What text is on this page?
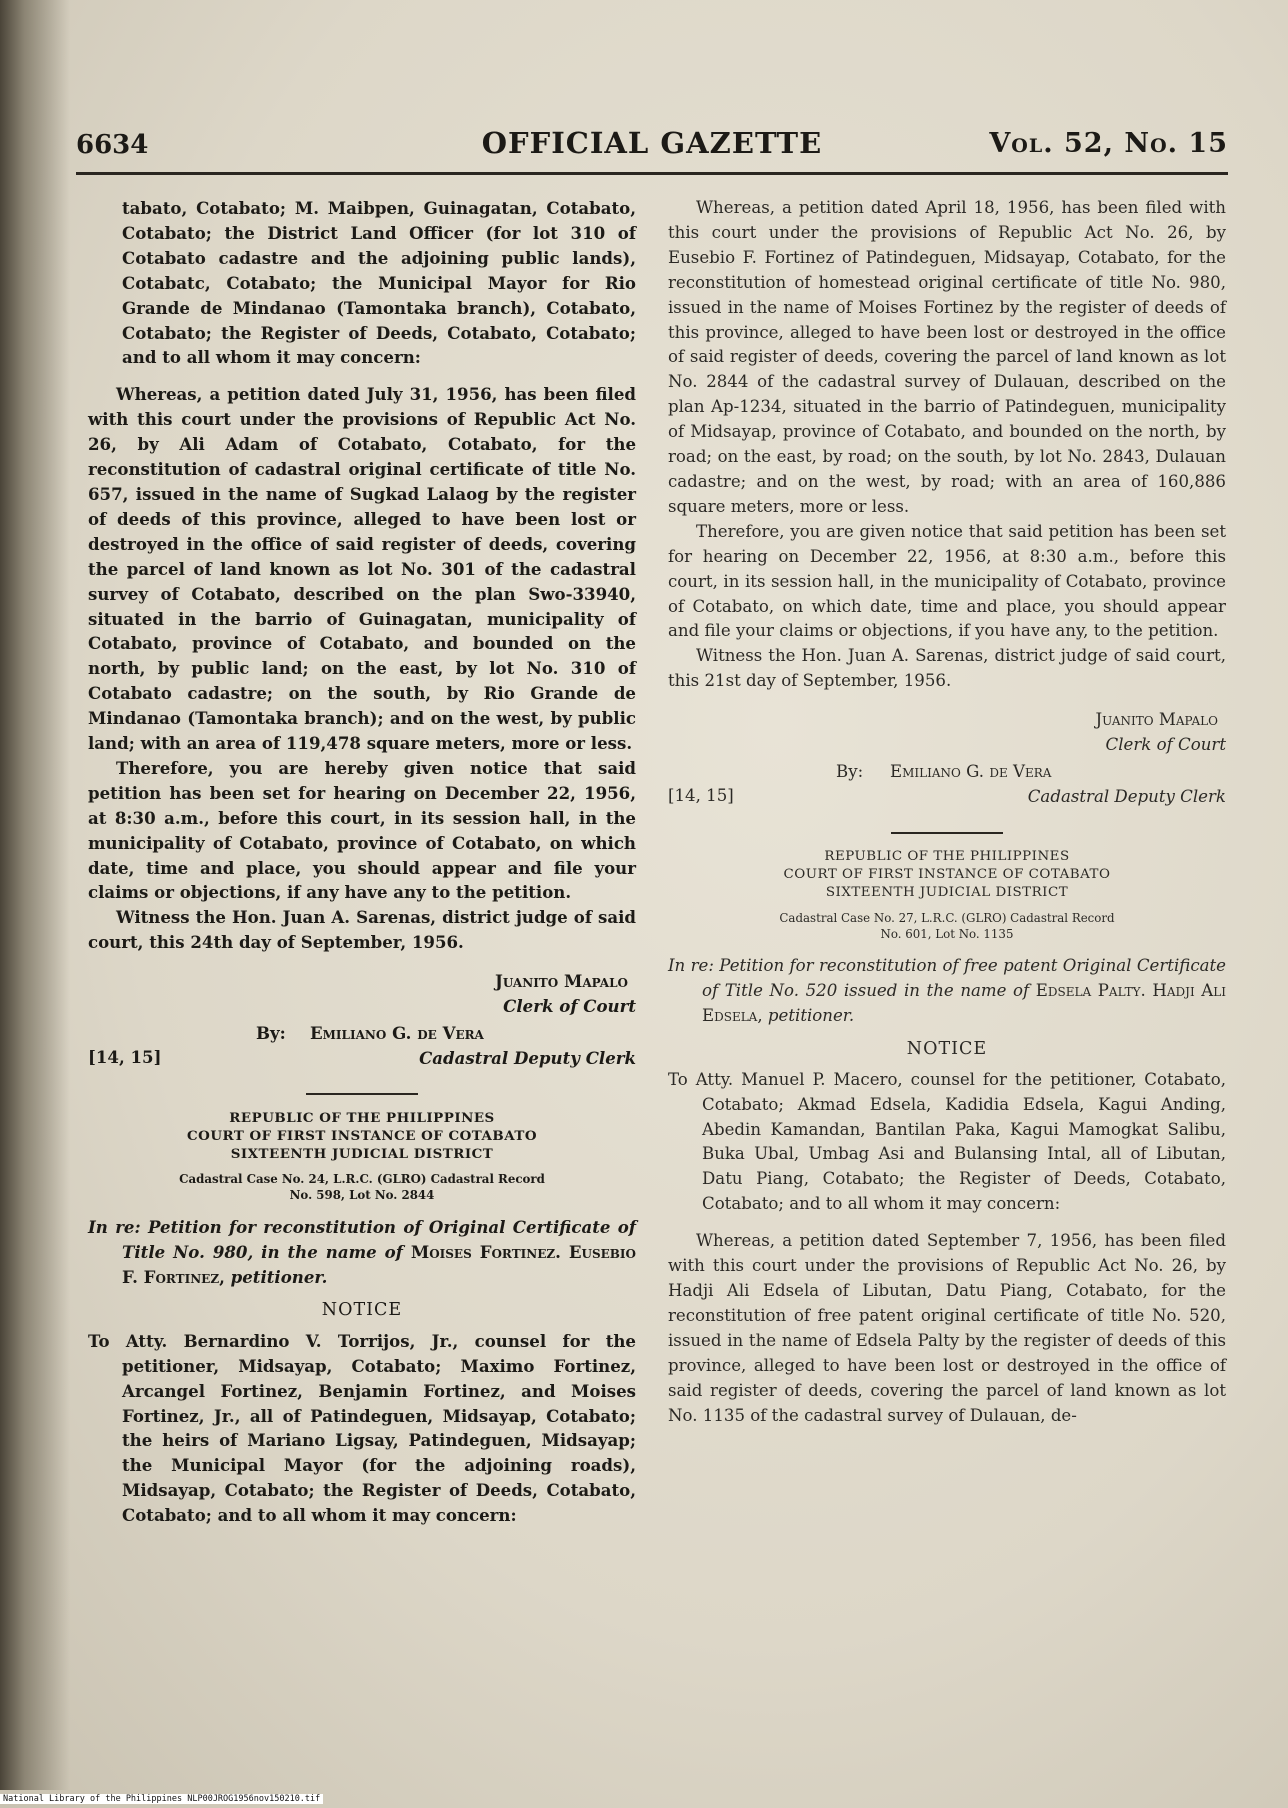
6634	OFFICIAL GAZETTE	Vol. 52, No. 15

tabato, Cotabato; M. Maibpen, Guinagatan, Cotabato, Cotabato; the District Land Officer (for lot 310 of Cotabato cadastre and the adjoining public lands), Cotabatc, Cotabato; the Municipal Mayor for Rio Grande de Mindanao (Tamontaka branch), Cotabato, Cotabato; the Register of Deeds, Cotabato, Cotabato; and to all whom it may concern:

Whereas, a petition dated July 31, 1956, has been filed with this court under the provisions of Republic Act No. 26, by Ali Adam of Cotabato, Cotabato, for the reconstitution of cadastral original certificate of title No. 657, issued in the name of Sugkad Lalaog by the register of deeds of this province, alleged to have been lost or destroyed in the office of said register of deeds, covering the parcel of land known as lot No. 301 of the cadastral survey of Cotabato, described on the plan Swo-33940, situated in the barrio of Guinagatan, municipality of Cotabato, province of Cotabato, and bounded on the north, by public land; on the east, by lot No. 310 of Cotabato cadastre; on the south, by Rio Grande de Mindanao (Tamontaka branch); and on the west, by public land; with an area of 119,478 square meters, more or less.

Therefore, you are hereby given notice that said petition has been set for hearing on December 22, 1956, at 8:30 a.m., before this court, in its session hall, in the municipality of Cotabato, province of Cotabato, on which date, time and place, you should appear and file your claims or objections, if any have any to the petition.

Witness the Hon. Juan A. Sarenas, district judge of said court, this 24th day of September, 1956.

Juanito Mapalo
Clerk of Court
[14, 15]
By: Emiliano G. de Vera
Cadastral Deputy Clerk
REPUBLIC OF THE PHILIPPINES
COURT OF FIRST INSTANCE OF COTABATO
SIXTEENTH JUDICIAL DISTRICT
Cadastral Case No. 24, L.R.C. (GLRO) Cadastral Record
No. 598, Lot No. 2844

In re: Petition for reconstitution of Original Certificate of Title No. 980, in the name of Moises Fortinez. Eusebio F. Fortinez, petitioner.

NOTICE

To Atty. Bernardino V. Torrijos, Jr., counsel for the petitioner, Midsayap, Cotabato; Maximo Fortinez, Arcangel Fortinez, Benjamin Fortinez, and Moises Fortinez, Jr., all of Patindeguen, Midsayap, Cotabato; the heirs of Mariano Ligsay, Patindeguen, Midsayap; the Municipal Mayor (for the adjoining roads), Midsayap, Cotabato; the Register of Deeds, Cotabato, Cotabato; and to all whom it may concern:

Whereas, a petition dated April 18, 1956, has been filed with this court under the provisions of Republic Act No. 26, by Eusebio F. Fortinez of Patindeguen, Midsayap, Cotabato, for the reconstitution of homestead original certificate of title No. 980, issued in the name of Moises Fortinez by the register of deeds of this province, alleged to have been lost or destroyed in the office of said register of deeds, covering the parcel of land known as lot No. 2844 of the cadastral survey of Dulauan, described on the plan Ap-1234, situated in the barrio of Patindeguen, municipality of Midsayap, province of Cotabato, and bounded on the north, by road; on the east, by road; on the south, by lot No. 2843, Dulauan cadastre; and on the west, by road; with an area of 160,886 square meters, more or less.

Therefore, you are given notice that said petition has been set for hearing on December 22, 1956, at 8:30 a.m., before this court, in its session hall, in the municipality of Cotabato, province of Cotabato, on which date, time and place, you should appear and file your claims or objections, if you have any, to the petition.

Witness the Hon. Juan A. Sarenas, district judge of said court, this 21st day of September, 1956.

Juanito Mapalo
Clerk of Court
[14, 15]
By: Emiliano G. de Vera
Cadastral Deputy Clerk
REPUBLIC OF THE PHILIPPINES
COURT OF FIRST INSTANCE OF COTABATO
SIXTEENTH JUDICIAL DISTRICT
Cadastral Case No. 27, L.R.C. (GLRO) Cadastral Record
No. 601, Lot No. 1135

In re: Petition for reconstitution of free patent Original Certificate of Title No. 520 issued in the name of Edsela Palty. Hadji Ali Edsela, petitioner.

NOTICE

To Atty. Manuel P. Macero, counsel for the petitioner, Cotabato, Cotabato; Akmad Edsela, Kadidia Edsela, Kagui Anding, Abedin Kamandan, Bantilan Paka, Kagui Mamogkat Salibu, Buka Ubal, Umbag Asi and Bulansing Intal, all of Libutan, Datu Piang, Cotabato; the Register of Deeds, Cotabato, Cotabato; and to all whom it may concern:

Whereas, a petition dated September 7, 1956, has been filed with this court under the provisions of Republic Act No. 26, by Hadji Ali Edsela of Libutan, Datu Piang, Cotabato, for the reconstitution of free patent original certificate of title No. 520, issued in the name of Edsela Palty by the register of deeds of this province, alleged to have been lost or destroyed in the office of said register of deeds, covering the parcel of land known as lot No. 1135 of the cadastral survey of Dulauan, de-

National Library of the Philippines NLP00JROG1956nov150210.tif
